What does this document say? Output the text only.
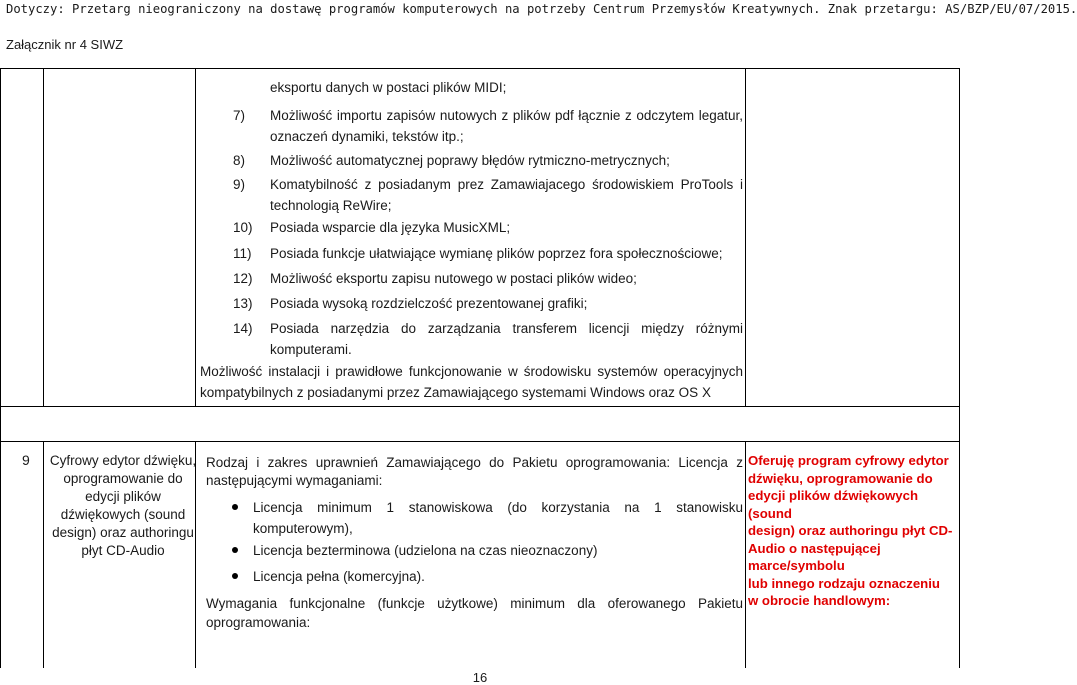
Dotyczy: Przetarg nieograniczony na dostawę programów komputerowych na potrzeby Centrum Przemysłów Kreatywnych. Znak przetargu: AS/BZP/EU/07/2015.
Załącznik nr 4 SIWZ
eksportu danych w postaci plików MIDI;
7) Możliwość importu zapisów nutowych z plików pdf łącznie z odczytem legatur, oznaczeń dynamiki, tekstów itp.;
8) Możliwość automatycznej poprawy błędów rytmiczno-metrycznych;
9) Komatybilność z posiadanym prez Zamawiajacego środowiskiem ProTools i technologią ReWire;
10) Posiada wsparcie dla języka MusicXML;
11) Posiada funkcje ułatwiające wymianę plików poprzez fora społecznościowe;
12) Możliwość eksportu zapisu nutowego w postaci plików wideo;
13) Posiada wysoką rozdzielczość prezentowanej grafiki;
14) Posiada narzędzia do zarządzania transferem licencji między różnymi komputerami.
Możliwość instalacji i prawidłowe funkcjonowanie w środowisku systemów operacyjnych kompatybilnych z posiadanymi przez Zamawiającego systemami Windows oraz OS X
9 Cyfrowy edytor dźwięku, oprogramowanie do edycji plików dźwiękowych (sound design) oraz authoringu płyt CD-Audio
Rodzaj i zakres uprawnień Zamawiającego do Pakietu oprogramowania: Licencja z następującymi wymaganiami:
Licencja minimum 1 stanowiskowa (do korzystania na 1 stanowisku komputerowym),
Licencja bezterminowa (udzielona na czas nieoznaczony)
Licencja pełna (komercyjna).
Wymagania funkcjonalne (funkcje użytkowe) minimum dla oferowanego Pakietu oprogramowania:
Oferuję program cyfrowy edytor
dźwięku, oprogramowanie do
edycji plików dźwiękowych (sound
design) oraz authoringu płyt CD-
Audio o następującej
marce/symbolu
lub innego rodzaju oznaczeniu
w obrocie handlowym:
16
